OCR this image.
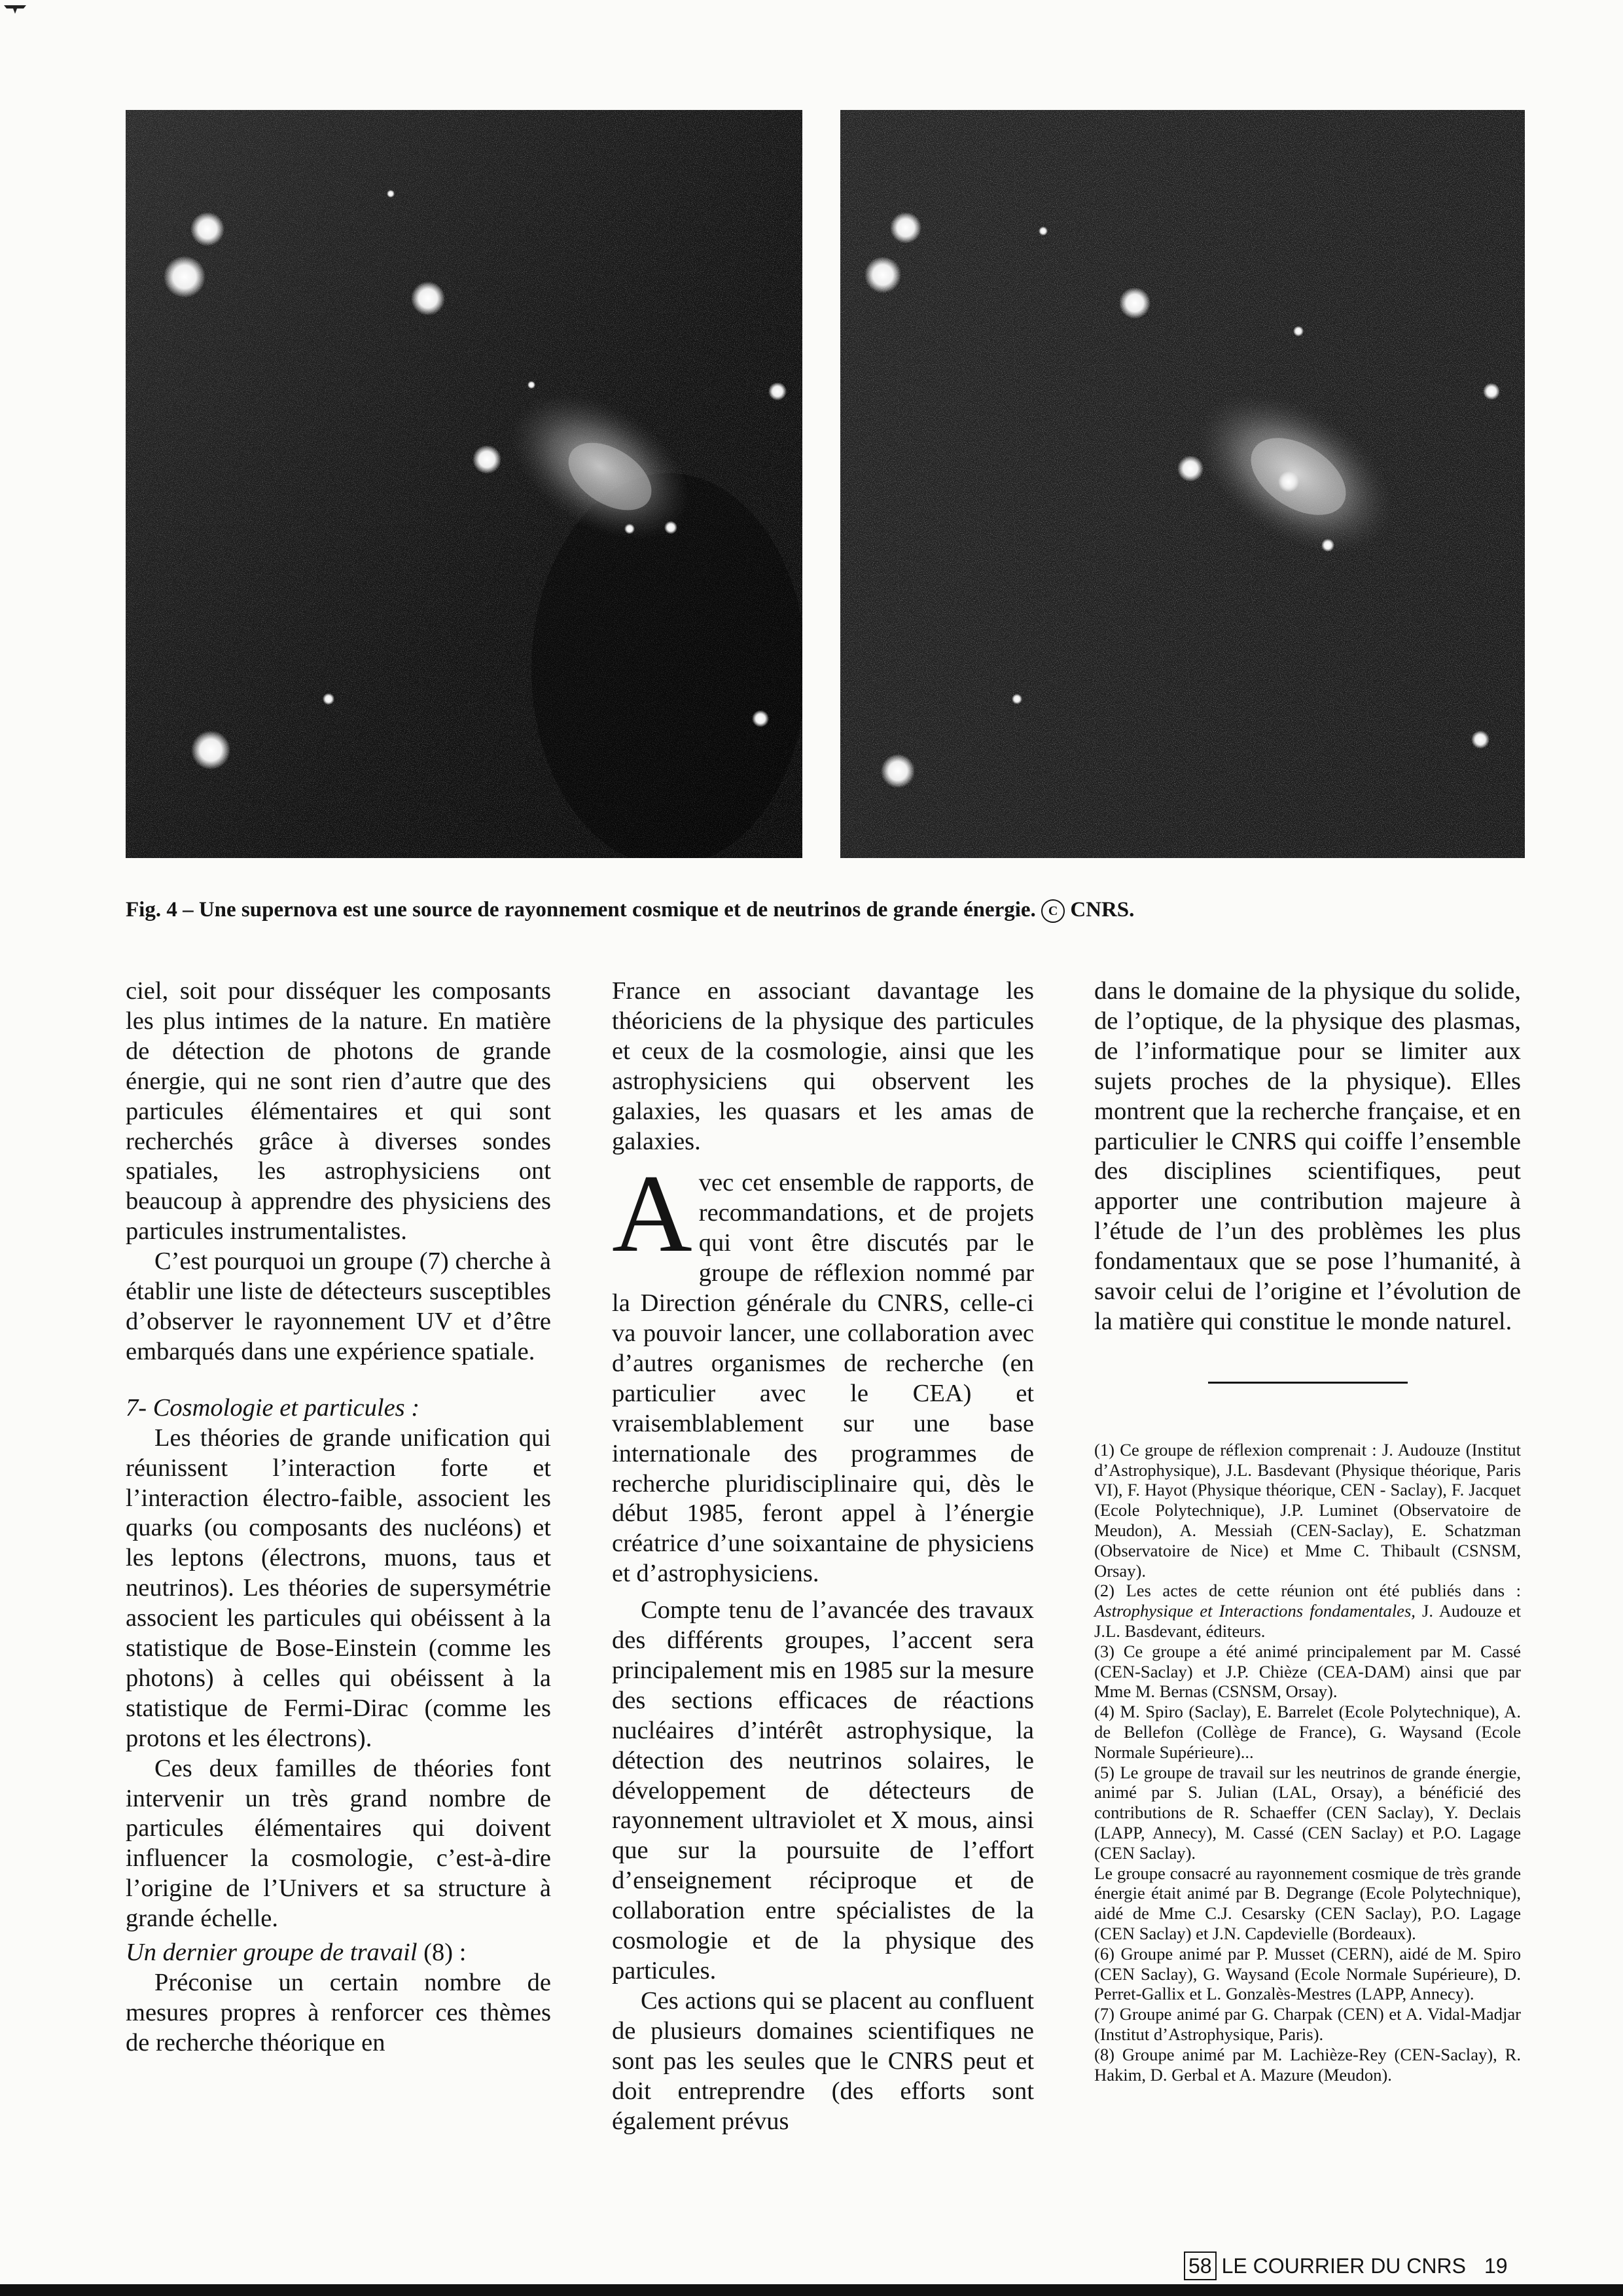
Fig. 4 – Une supernova est une source de rayonnement cosmique et de neutrinos de grande énergie. C CNRS.

ciel, soit pour disséquer les composants les plus intimes de la nature. En matière de détection de photons de grande énergie, qui ne sont rien d’autre que des particules élémentaires et qui sont recherchés grâce à diverses sondes spatiales, les astrophysiciens ont beaucoup à apprendre des physiciens des particules instrumentalistes.

C’est pourquoi un groupe (7) cherche à établir une liste de détecteurs susceptibles d’observer le rayonnement UV et d’être embarqués dans une expérience spatiale.

7- Cosmologie et particules :

Les théories de grande unification qui réunissent l’interaction forte et l’interaction électro-faible, associent les quarks (ou composants des nucléons) et les leptons (électrons, muons, taus et neutrinos). Les théories de supersymétrie associent les particules qui obéissent à la statistique de Bose-Einstein (comme les photons) à celles qui obéissent à la statistique de Fermi-Dirac (comme les protons et les électrons).

Ces deux familles de théories font intervenir un très grand nombre de particules élémentaires qui doivent influencer la cosmologie, c’est-à-dire l’origine de l’Univers et sa structure à grande échelle.

Un dernier groupe de travail (8) :

Préconise un certain nombre de mesures propres à renforcer ces thèmes de recherche théorique en

France en associant davantage les théoriciens de la physique des particules et ceux de la cosmologie, ainsi que les astrophysiciens qui observent les galaxies, les quasars et les amas de galaxies.

Avec cet ensemble de rapports, de recommandations, et de projets qui vont être discutés par le groupe de réflexion nommé par la Direction générale du CNRS, celle-ci va pouvoir lancer, une collaboration avec d’autres organismes de recherche (en particulier avec le CEA) et vraisemblablement sur une base internationale des programmes de recherche pluridisciplinaire qui, dès le début 1985, feront appel à l’énergie créatrice d’une soixantaine de physiciens et d’astrophysiciens.

Compte tenu de l’avancée des travaux des différents groupes, l’accent sera principalement mis en 1985 sur la mesure des sections efficaces de réactions nucléaires d’intérêt astrophysique, la détection des neutrinos solaires, le développement de détecteurs de rayonnement ultraviolet et X mous, ainsi que sur la poursuite de l’effort d’enseignement réciproque et de collaboration entre spécialistes de la cosmologie et de la physique des particules.

Ces actions qui se placent au confluent de plusieurs domaines scientifiques ne sont pas les seules que le CNRS peut et doit entreprendre (des efforts sont également prévus

dans le domaine de la physique du solide, de l’optique, de la physique des plasmas, de l’informatique pour se limiter aux sujets proches de la physique). Elles montrent que la recherche française, et en particulier le CNRS qui coiffe l’ensemble des disciplines scientifiques, peut apporter une contribution majeure à l’étude de l’un des problèmes les plus fondamentaux que se pose l’humanité, à savoir celui de l’origine et l’évolution de la matière qui constitue le monde naturel.

(1) Ce groupe de réflexion comprenait : J. Audouze (Institut d’Astrophysique), J.L. Basdevant (Physique théorique, Paris VI), F. Hayot (Physique théorique, CEN - Saclay), F. Jacquet (Ecole Polytechnique), J.P. Luminet (Observatoire de Meudon), A. Messiah (CEN-Saclay), E. Schatzman (Observatoire de Nice) et Mme C. Thibault (CSNSM, Orsay).

(2) Les actes de cette réunion ont été publiés dans : Astrophysique et Interactions fondamentales, J. Audouze et J.L. Basdevant, éditeurs.

(3) Ce groupe a été animé principalement par M. Cassé (CEN-Saclay) et J.P. Chièze (CEA-DAM) ainsi que par Mme M. Bernas (CSNSM, Orsay).

(4) M. Spiro (Saclay), E. Barrelet (Ecole Polytechnique), A. de Bellefon (Collège de France), G. Waysand (Ecole Normale Supérieure)...

(5) Le groupe de travail sur les neutrinos de grande énergie, animé par S. Julian (LAL, Orsay), a bénéficié des contributions de R. Schaeffer (CEN Saclay), Y. Declais (LAPP, Annecy), M. Cassé (CEN Saclay) et P.O. Lagage (CEN Saclay).

Le groupe consacré au rayonnement cosmique de très grande énergie était animé par B. Degrange (Ecole Polytechnique), aidé de Mme C.J. Cesarsky (CEN Saclay), P.O. Lagage (CEN Saclay) et J.N. Capdevielle (Bordeaux).

(6) Groupe animé par P. Musset (CERN), aidé de M. Spiro (CEN Saclay), G. Waysand (Ecole Normale Supérieure), D. Perret-Gallix et L. Gonzalès-Mestres (LAPP, Annecy).

(7) Groupe animé par G. Charpak (CEN) et A. Vidal-Madjar (Institut d’Astrophysique, Paris).

(8) Groupe animé par M. Lachièze-Rey (CEN-Saclay), R. Hakim, D. Gerbal et A. Mazure (Meudon).

58 LE COURRIER DU CNRS 19
